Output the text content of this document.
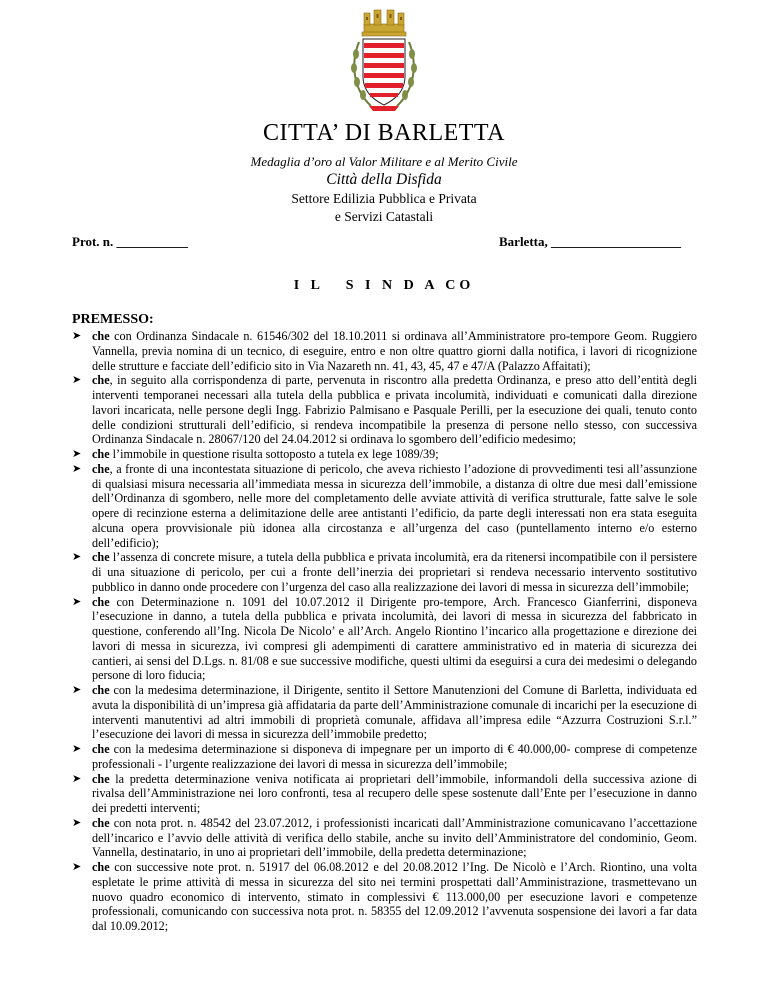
CITTA’ DI BARLETTA
Medaglia d’oro al Valor Militare e al Merito Civile
Città della Disfida
Settore Edilizia Pubblica e Privata
e Servizi Catastali
Prot. n. ___________	Barletta, ____________________
I L   S I N D A CO
PREMESSO:
➤ che con Ordinanza Sindacale n. 61546/302 del 18.10.2011 si ordinava all’Amministratore pro-tempore Geom. Ruggiero Vannella, previa nomina di un tecnico, di eseguire, entro e non oltre quattro giorni dalla notifica, i lavori di ricognizione delle strutture e facciate dell’edificio sito in Via Nazareth nn. 41, 43, 45, 47 e 47/A (Palazzo Affaitati);
➤ che, in seguito alla corrispondenza di parte, pervenuta in riscontro alla predetta Ordinanza, e preso atto dell’entità degli interventi temporanei necessari alla tutela della pubblica e privata incolumità, individuati e comunicati dalla direzione lavori incaricata, nelle persone degli Ingg. Fabrizio Palmisano e Pasquale Perilli, per la esecuzione dei quali, tenuto conto delle condizioni strutturali dell’edificio, si rendeva incompatibile la presenza di persone nello stesso, con successiva Ordinanza Sindacale n. 28067/120 del 24.04.2012 si ordinava lo sgombero dell’edificio medesimo;
➤ che l’immobile in questione risulta sottoposto a tutela ex lege 1089/39;
➤ che, a fronte di una incontestata situazione di pericolo, che aveva richiesto l’adozione di provvedimenti tesi all’assunzione di qualsiasi misura necessaria all’immediata messa in sicurezza dell’immobile, a distanza di oltre due mesi dall’emissione dell’Ordinanza di sgombero, nelle more del completamento delle avviate attività di verifica strutturale, fatte salve le sole opere di recinzione esterna a delimitazione delle aree antistanti l’edificio, da parte degli interessati non era stata eseguita alcuna opera provvisionale più idonea alla circostanza e all’urgenza del caso (puntellamento interno e/o esterno dell’edificio);
➤ che l’assenza di concrete misure, a tutela della pubblica e privata incolumità, era da ritenersi incompatibile con il persistere di una situazione di pericolo, per cui a fronte dell’inerzia dei proprietari si rendeva necessario intervento sostitutivo pubblico in danno onde procedere con l’urgenza del caso alla realizzazione dei lavori di messa in sicurezza dell’immobile;
➤ che con Determinazione n. 1091 del 10.07.2012 il Dirigente pro-tempore, Arch. Francesco Gianferrini, disponeva l’esecuzione in danno, a tutela della pubblica e privata incolumità, dei lavori di messa in sicurezza del fabbricato in questione, conferendo all’Ing. Nicola De Nicolo’ e all’Arch. Angelo Riontino l’incarico alla progettazione e direzione dei lavori di messa in sicurezza, ivi compresi gli adempimenti di carattere amministrativo ed in materia di sicurezza dei cantieri, ai sensi del D.Lgs. n. 81/08 e sue successive modifiche, questi ultimi da eseguirsi a cura dei medesimi o delegando persone di loro fiducia;
➤ che con la medesima determinazione, il Dirigente, sentito il Settore Manutenzioni del Comune di Barletta, individuata ed avuta la disponibilità di un’impresa già affidataria da parte dell’Amministrazione comunale di incarichi per la esecuzione di interventi manutentivi ad altri immobili di proprietà comunale, affidava all’impresa edile “Azzurra Costruzioni S.r.l.” l’esecuzione dei lavori di messa in sicurezza dell’immobile predetto;
➤ che con la medesima determinazione si disponeva di impegnare per un importo di € 40.000,00- comprese di competenze professionali - l’urgente realizzazione dei lavori di messa in sicurezza dell’immobile;
➤ che la predetta determinazione veniva notificata ai proprietari dell’immobile, informandoli della successiva azione di rivalsa dell’Amministrazione nei loro confronti, tesa al recupero delle spese sostenute dall’Ente per l’esecuzione in danno dei predetti interventi;
➤ che con nota prot. n. 48542 del 23.07.2012, i professionisti incaricati dall’Amministrazione comunicavano l’accettazione dell’incarico e l’avvio delle attività di verifica dello stabile, anche su invito dell’Amministratore del condominio, Geom. Vannella, destinatario, in uno ai proprietari dell’immobile, della predetta determinazione;
➤ che con successive note prot. n. 51917 del 06.08.2012 e del 20.08.2012 l’Ing. De Nicolò e l’Arch. Riontino, una volta espletate le prime attività di messa in sicurezza del sito nei termini prospettati dall’Amministrazione, trasmettevano un nuovo quadro economico di intervento, stimato in complessivi € 113.000,00 per esecuzione lavori e competenze professionali, comunicando con successiva nota prot. n. 58355 del 12.09.2012 l’avvenuta sospensione dei lavori a far data dal 10.09.2012;
